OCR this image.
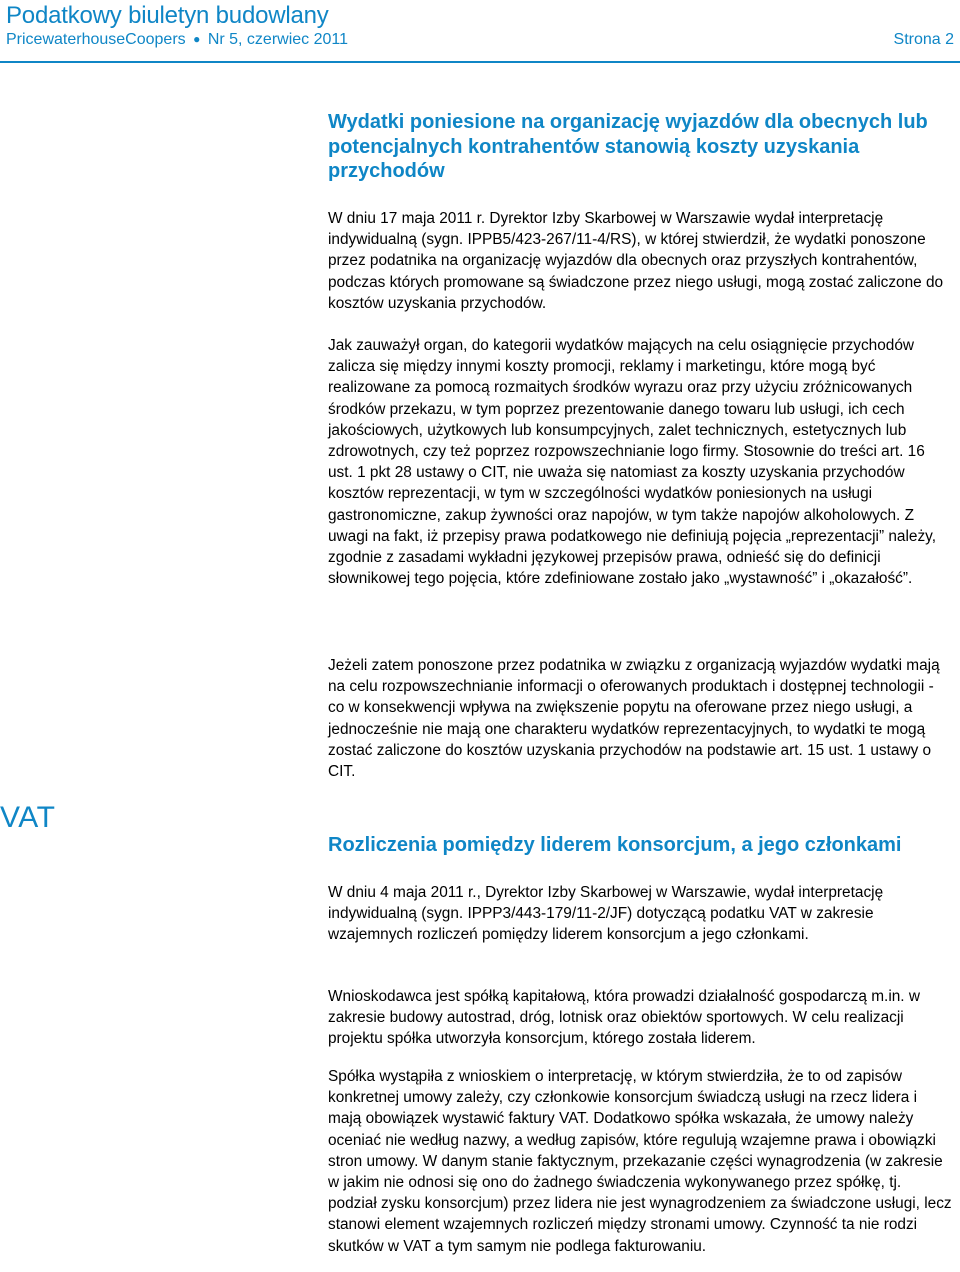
Podatkowy biuletyn budowlany
PricewaterhouseCoopers ● Nr 5, czerwiec 2011	Strona 2
VAT
Wydatki poniesione na organizację wyjazdów dla obecnych lub potencjalnych kontrahentów stanowią koszty uzyskania przychodów

W dniu 17 maja 2011 r. Dyrektor Izby Skarbowej w Warszawie wydał interpretację indywidualną (sygn. IPPB5/423-267/11-4/RS), w której stwierdził, że wydatki ponoszone przez podatnika na organizację wyjazdów dla obecnych oraz przyszłych kontrahentów, podczas których promowane są świadczone przez niego usługi, mogą zostać zaliczone do kosztów uzyskania przychodów.

Jak zauważył organ, do kategorii wydatków mających na celu osiągnięcie przychodów zalicza się między innymi koszty promocji, reklamy i marketingu, które mogą być realizowane za pomocą rozmaitych środków wyrazu oraz przy użyciu zróżnicowanych środków przekazu, w tym poprzez prezentowanie danego towaru lub usługi, ich cech jakościowych, użytkowych lub konsumpcyjnych, zalet technicznych, estetycznych lub zdrowotnych, czy też poprzez rozpowszechnianie logo firmy. Stosownie do treści art. 16 ust. 1 pkt 28 ustawy o CIT, nie uważa się natomiast za koszty uzyskania przychodów kosztów reprezentacji, w tym w szczególności wydatków poniesionych na usługi gastronomiczne, zakup żywności oraz napojów, w tym także napojów alkoholowych. Z uwagi na fakt, iż przepisy prawa podatkowego nie definiują pojęcia „reprezentacji” należy, zgodnie z zasadami wykładni językowej przepisów prawa, odnieść się do definicji słownikowej tego pojęcia, które zdefiniowane zostało jako „wystawność” i „okazałość”.

Jeżeli zatem ponoszone przez podatnika w związku z organizacją wyjazdów wydatki mają na celu rozpowszechnianie informacji o oferowanych produktach i dostępnej technologii - co w konsekwencji wpływa na zwiększenie popytu na oferowane przez niego usługi, a jednocześnie nie mają one charakteru wydatków reprezentacyjnych, to wydatki te mogą zostać zaliczone do kosztów uzyskania przychodów na podstawie art. 15 ust. 1 ustawy o CIT.

Rozliczenia pomiędzy liderem konsorcjum, a jego członkami

W dniu 4 maja 2011 r., Dyrektor Izby Skarbowej w Warszawie, wydał interpretację indywidualną (sygn. IPPP3/443-179/11-2/JF) dotyczącą podatku VAT w zakresie wzajemnych rozliczeń pomiędzy liderem konsorcjum a jego członkami.

Wnioskodawca jest spółką kapitałową, która prowadzi działalność gospodarczą m.in. w zakresie budowy autostrad, dróg, lotnisk oraz obiektów sportowych. W celu realizacji projektu spółka utworzyła konsorcjum, którego została liderem.

Spółka wystąpiła z wnioskiem o interpretację, w którym stwierdziła, że to od zapisów konkretnej umowy zależy, czy członkowie konsorcjum świadczą usługi na rzecz lidera i mają obowiązek wystawić faktury VAT. Dodatkowo spółka wskazała, że umowy należy oceniać nie według nazwy, a według zapisów, które regulują wzajemne prawa i obowiązki stron umowy. W danym stanie faktycznym, przekazanie części wynagrodzenia (w zakresie w jakim nie odnosi się ono do żadnego świadczenia wykonywanego przez spółkę, tj. podział zysku konsorcjum) przez lidera nie jest wynagrodzeniem za świadczone usługi, lecz stanowi element wzajemnych rozliczeń między stronami umowy. Czynność ta nie rodzi skutków w VAT a tym samym nie podlega fakturowaniu.
